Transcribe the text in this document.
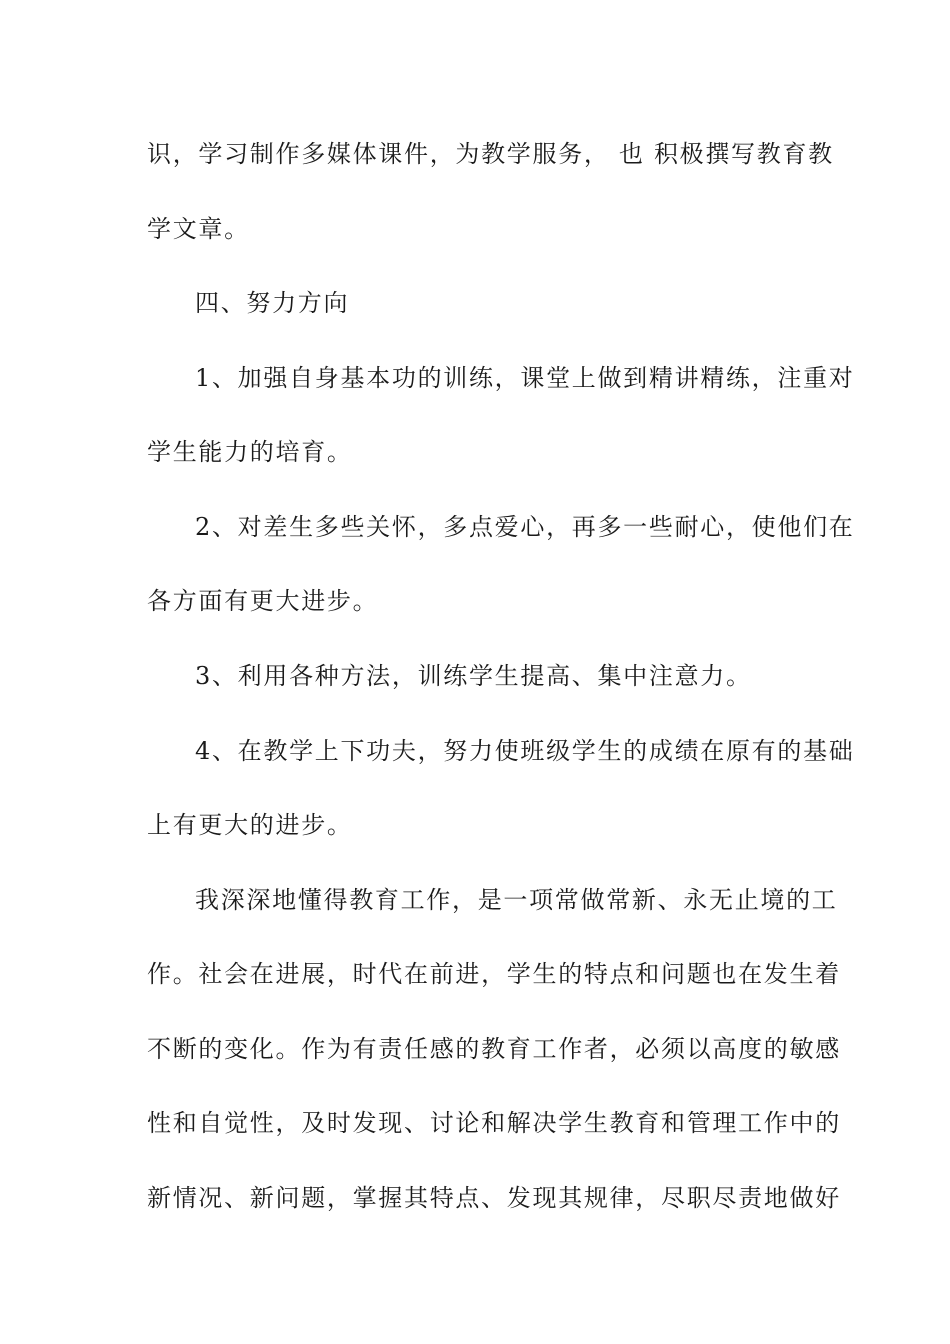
识，学习制作多媒体课件，为教学服务， 也 积极撰写教育教
学文章。
四、努力方向
1、加强自身基本功的训练，课堂上做到精讲精练，注重对
学生能力的培育。
2、对差生多些关怀，多点爱心，再多一些耐心，使他们在
各方面有更大进步。
3、利用各种方法，训练学生提高、集中注意力。
4、在教学上下功夫，努力使班级学生的成绩在原有的基础
上有更大的进步。
我深深地懂得教育工作，是一项常做常新、永无止境的工
作。社会在进展，时代在前进，学生的特点和问题也在发生着
不断的变化。作为有责任感的教育工作者，必须以高度的敏感
性和自觉性，及时发现、讨论和解决学生教育和管理工作中的
新情况、新问题，掌握其特点、发现其规律，尽职尽责地做好
